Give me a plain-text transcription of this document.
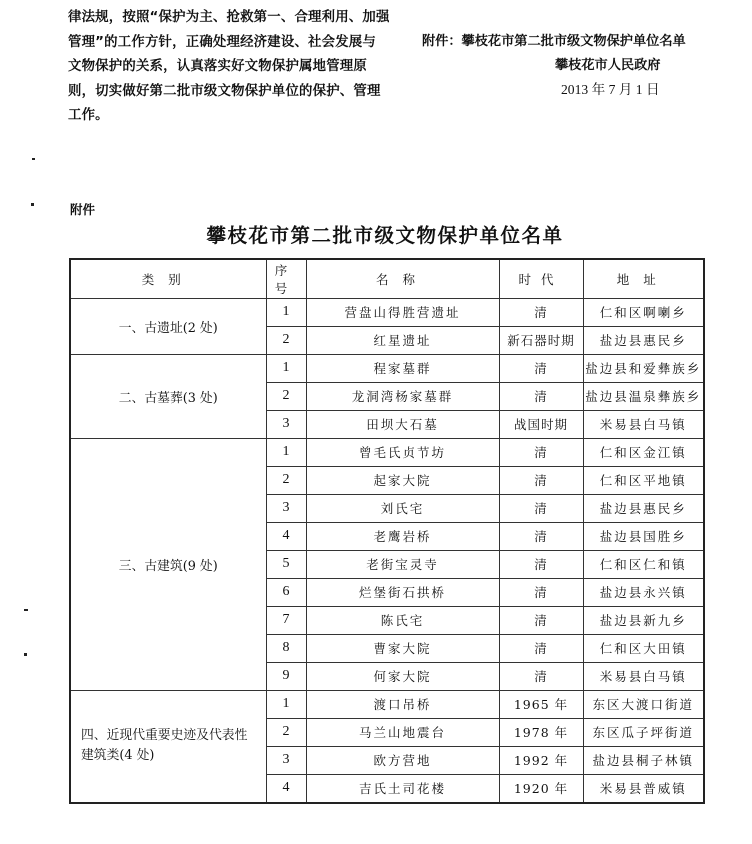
律法规，按照“保护为主、抢救第一、合理利用、加强

管理”的工作方针，正确处理经济建设、社会发展与

文物保护的关系，认真落实好文物保护属地管理原

则，切实做好第二批市级文物保护单位的保护、管理

工作。

附件：攀枝花市第二批市级文物保护单位名单
攀枝花市人民政府
2013 年 7 月 1 日
附件
攀枝花市第二批市级文物保护单位名单
类别	序号	名称	时代	地址
一、古遗址(2 处)	1	营盘山得胜营遗址	清	仁和区啊喇乡
	2	红星遗址	新石器时期	盐边县惠民乡
二、古墓葬(3 处)	1	程家墓群	清	盐边县和爱彝族乡
	2	龙洞湾杨家墓群	清	盐边县温泉彝族乡
	3	田坝大石墓	战国时期	米易县白马镇
三、古建筑(9 处)	1	曾毛氏贞节坊	清	仁和区金江镇
	2	起家大院	清	仁和区平地镇
	3	刘氏宅	清	盐边县惠民乡
	4	老鹰岩桥	清	盐边县国胜乡
	5	老街宝灵寺	清	仁和区仁和镇
	6	烂堡街石拱桥	清	盐边县永兴镇
	7	陈氏宅	清	盐边县新九乡
	8	曹家大院	清	仁和区大田镇
	9	何家大院	清	米易县白马镇

四、近现代重要史迹及代表性
建筑类(4 处)	1	渡口吊桥	1965 年	东区大渡口街道
	2	马兰山地震台	1978 年	东区瓜子坪街道
	3	欧方营地	1992 年	盐边县桐子林镇
	4	吉氏土司花楼	1920 年	米易县普威镇
